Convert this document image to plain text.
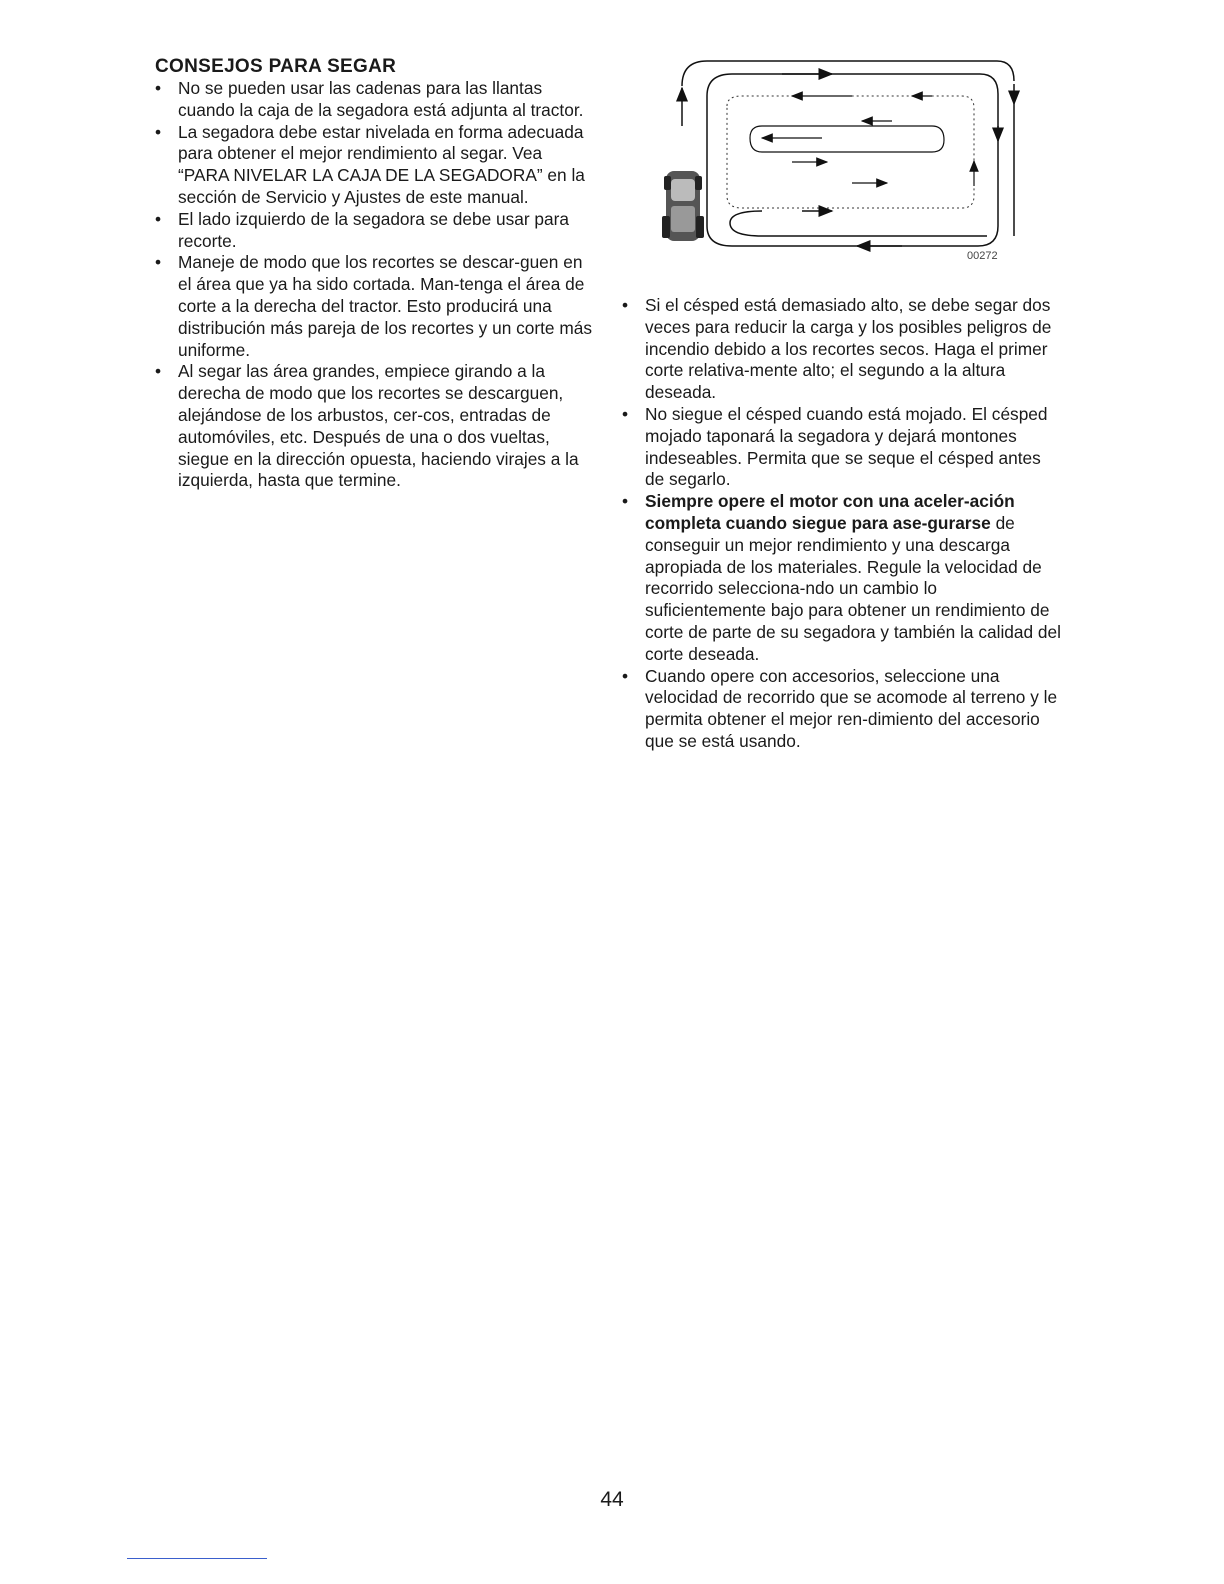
CONSEJOS PARA SEGAR
• No se pueden usar las cadenas para las llantas cuando la caja de la segadora está adjunta al tractor.
• La segadora debe estar nivelada en forma adecuada para obtener el mejor rendimiento al segar. Vea “PARA NIVELAR LA CAJA DE LA SEGADORA” en la sección de Servicio y Ajustes de este manual.
• El lado izquierdo de la segadora se debe usar para recorte.
• Maneje de modo que los recortes se descar-guen en el área que ya ha sido cortada. Man-tenga el área de corte a la derecha del tractor. Esto producirá una distribución más pareja de los recortes y un corte más uniforme.
• Al segar las área grandes, empiece girando a la derecha de modo que los recortes se descarguen, alejándose de los arbustos, cer-cos, entradas de automóviles, etc. Después de una o dos vueltas, siegue en la dirección opuesta, haciendo virajes a la izquierda, hasta que termine.
00272
• Si el césped está demasiado alto, se debe segar dos veces para reducir la carga y los posibles peligros de incendio debido a los recortes secos. Haga el primer corte relativa-mente alto; el segundo a la altura deseada.
• No siegue el césped cuando está mojado. El césped mojado taponará la segadora y dejará montones indeseables. Permita que se seque el césped antes de segarlo.
• Siempre opere el motor con una aceler-ación completa cuando siegue para ase-gurarse de conseguir un mejor rendimiento y una descarga apropiada de los materiales. Regule la velocidad de recorrido selecciona-ndo un cambio lo suficientemente bajo para obtener un rendimiento de corte de parte de su segadora y también la calidad del corte deseada.
• Cuando opere con accesorios, seleccione una velocidad de recorrido que se acomode al terreno y le permita obtener el mejor ren-dimiento del accesorio que se está usando.
44
